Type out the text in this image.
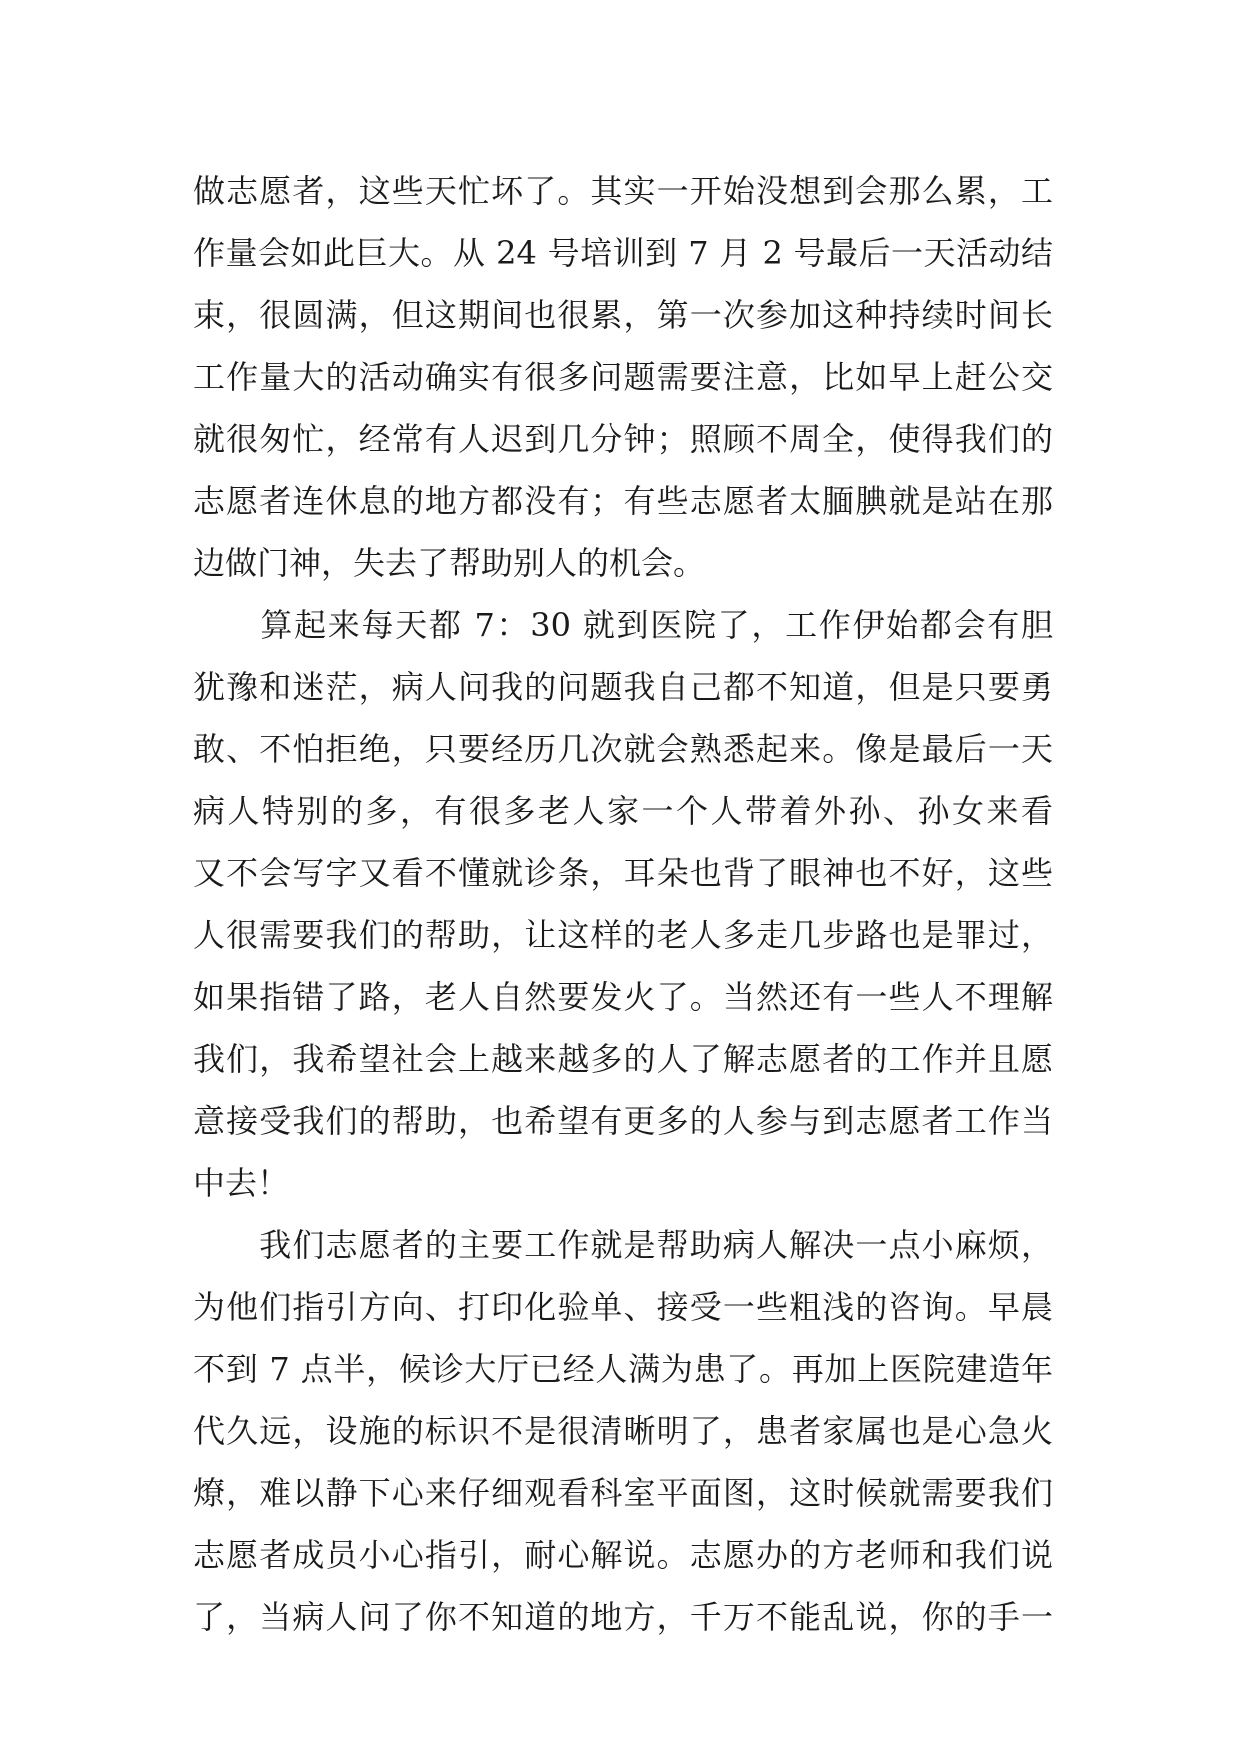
做志愿者，这些天忙坏了。其实一开始没想到会那么累，工
作量会如此巨大。从 24 号培训到 7 月 2 号最后一天活动结
束，很圆满，但这期间也很累，第一次参加这种持续时间长
工作量大的活动确实有很多问题需要注意，比如早上赶公交
就很匆忙，经常有人迟到几分钟；照顾不周全，使得我们的
志愿者连休息的地方都没有；有些志愿者太腼腆就是站在那
边做门神，失去了帮助别人的机会。
　　算起来每天都 7：30 就到医院了，工作伊始都会有胆
犹豫和迷茫，病人问我的问题我自己都不知道，但是只要勇
敢、不怕拒绝，只要经历几次就会熟悉起来。像是最后一天
病人特别的多，有很多老人家一个人带着外孙、孙女来看
又不会写字又看不懂就诊条，耳朵也背了眼神也不好，这些
人很需要我们的帮助，让这样的老人多走几步路也是罪过，
如果指错了路，老人自然要发火了。当然还有一些人不理解
我们，我希望社会上越来越多的人了解志愿者的工作并且愿
意接受我们的帮助，也希望有更多的人参与到志愿者工作当
中去！
　　我们志愿者的主要工作就是帮助病人解决一点小麻烦，
为他们指引方向、打印化验单、接受一些粗浅的咨询。早晨
不到 7 点半，候诊大厅已经人满为患了。再加上医院建造年
代久远，设施的标识不是很清晰明了，患者家属也是心急火
燎，难以静下心来仔细观看科室平面图，这时候就需要我们
志愿者成员小心指引，耐心解说。志愿办的方老师和我们说
了，当病人问了你不知道的地方，千万不能乱说，你的手一
